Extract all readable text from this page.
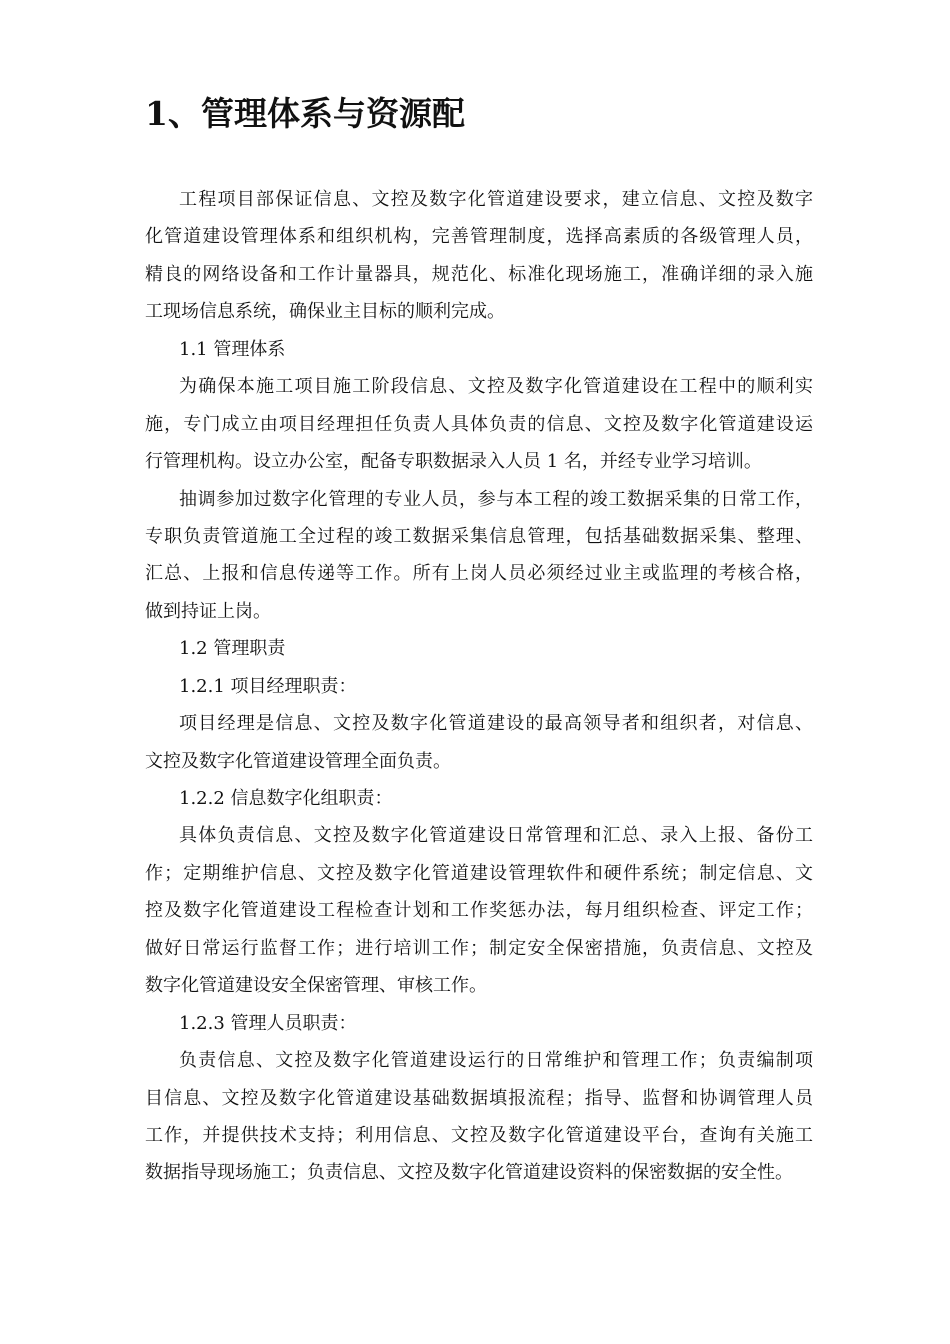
1、管理体系与资源配
工程项目部保证信息、文控及数字化管道建设要求，建立信息、文控及数字
化管道建设管理体系和组织机构，完善管理制度，选择高素质的各级管理人员，
精良的网络设备和工作计量器具，规范化、标准化现场施工，准确详细的录入施
工现场信息系统，确保业主目标的顺利完成。
1.1 管理体系
为确保本施工项目施工阶段信息、文控及数字化管道建设在工程中的顺利实
施，专门成立由项目经理担任负责人具体负责的信息、文控及数字化管道建设运
行管理机构。设立办公室，配备专职数据录入人员 1 名，并经专业学习培训。
抽调参加过数字化管理的专业人员，参与本工程的竣工数据采集的日常工作，
专职负责管道施工全过程的竣工数据采集信息管理，包括基础数据采集、整理、
汇总、上报和信息传递等工作。所有上岗人员必须经过业主或监理的考核合格，
做到持证上岗。
1.2 管理职责
1.2.1 项目经理职责：
项目经理是信息、文控及数字化管道建设的最高领导者和组织者，对信息、
文控及数字化管道建设管理全面负责。
1.2.2 信息数字化组职责：
具体负责信息、文控及数字化管道建设日常管理和汇总、录入上报、备份工
作；定期维护信息、文控及数字化管道建设管理软件和硬件系统；制定信息、文
控及数字化管道建设工程检查计划和工作奖惩办法，每月组织检查、评定工作；
做好日常运行监督工作；进行培训工作；制定安全保密措施，负责信息、文控及
数字化管道建设安全保密管理、审核工作。
1.2.3 管理人员职责：
负责信息、文控及数字化管道建设运行的日常维护和管理工作；负责编制项
目信息、文控及数字化管道建设基础数据填报流程；指导、监督和协调管理人员
工作，并提供技术支持；利用信息、文控及数字化管道建设平台，查询有关施工
数据指导现场施工；负责信息、文控及数字化管道建设资料的保密数据的安全性。
